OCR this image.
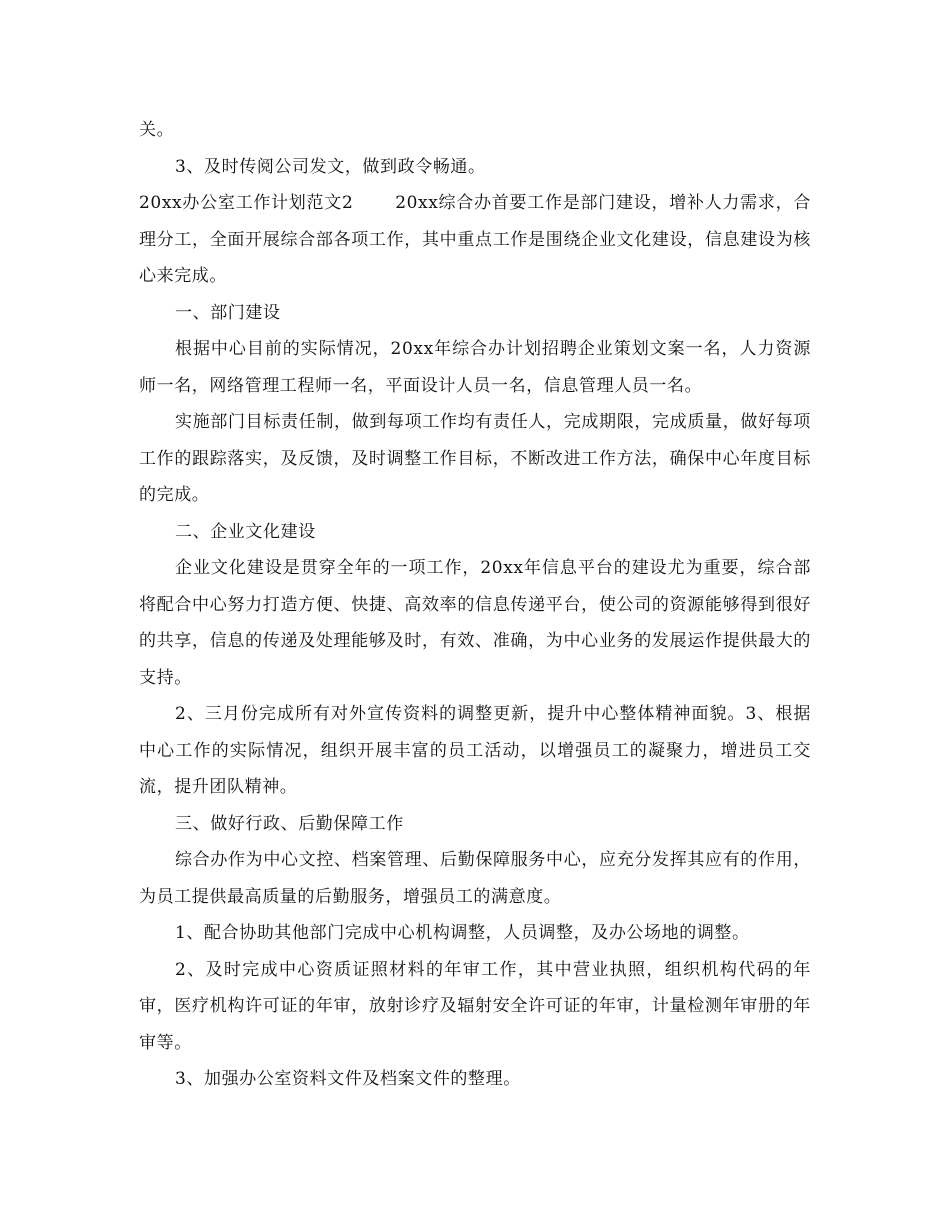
关。

3、及时传阅公司发文，做到政令畅通。

20xx办公室工作计划范文2　　 20xx综合办首要工作是部门建设，增补人力需求，合理分工，全面开展综合部各项工作，其中重点工作是围绕企业文化建设，信息建设为核心来完成。

一、部门建设

根据中心目前的实际情况，20xx年综合办计划招聘企业策划文案一名，人力资源师一名，网络管理工程师一名，平面设计人员一名，信息管理人员一名。

实施部门目标责任制，做到每项工作均有责任人，完成期限，完成质量，做好每项工作的跟踪落实，及反馈，及时调整工作目标，不断改进工作方法，确保中心年度目标的完成。

二、企业文化建设

企业文化建设是贯穿全年的一项工作，20xx年信息平台的建设尤为重要，综合部将配合中心努力打造方便、快捷、高效率的信息传递平台，使公司的资源能够得到很好的共享，信息的传递及处理能够及时，有效、准确，为中心业务的发展运作提供最大的支持。

2、三月份完成所有对外宣传资料的调整更新，提升中心整体精神面貌。3、根据中心工作的实际情况，组织开展丰富的员工活动，以增强员工的凝聚力，增进员工交流，提升团队精神。

三、做好行政、后勤保障工作

综合办作为中心文控、档案管理、后勤保障服务中心，应充分发挥其应有的作用，为员工提供最高质量的后勤服务，增强员工的满意度。

1、配合协助其他部门完成中心机构调整，人员调整，及办公场地的调整。

2、及时完成中心资质证照材料的年审工作，其中营业执照，组织机构代码的年审，医疗机构许可证的年审，放射诊疗及辐射安全许可证的年审，计量检测年审册的年审等。

3、加强办公室资料文件及档案文件的整理。
